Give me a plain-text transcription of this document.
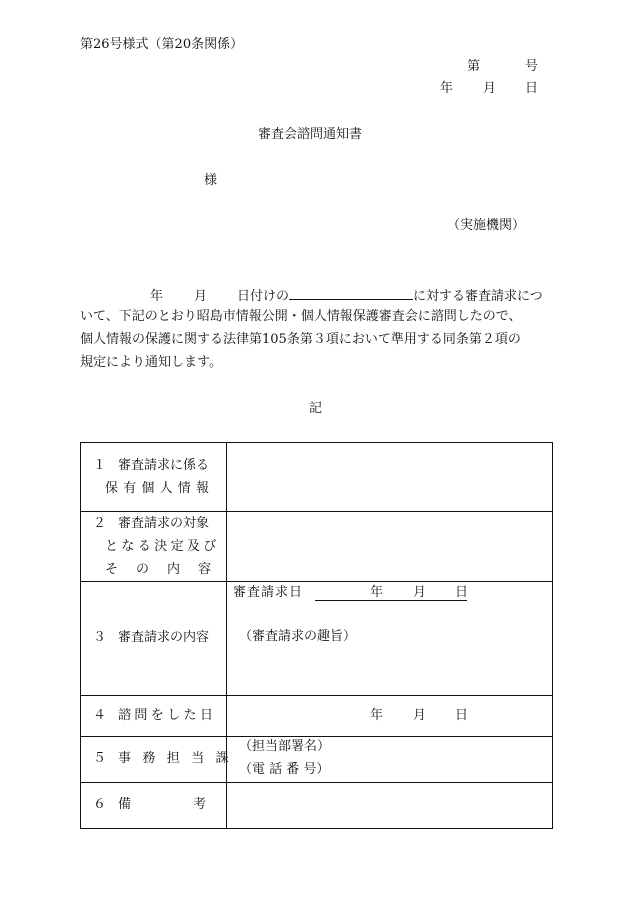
第26号様式（第20条関係）
第	号
年 月 日
審査会諮問通知書
様
（実施機関）
年 月 日付けの	に対する審査請求につ
いて、下記のとおり昭島市情報公開・個人情報保護審査会に諮問したので、
個人情報の保護に関する法律第105条第３項において準用する同条第２項の
規定により通知します。
記
１ 審査請求に係る
保有個人情報	

２ 審査請求の対象
となる決定及び
その内容	

３ 審査請求の内容	審査請求日 年 月 日
（審査請求の趣旨）

４ 諮問をした日	年 月 日

５ 事務担当課	（担当部署名）
（電 話 番 号）

６ 備考	
